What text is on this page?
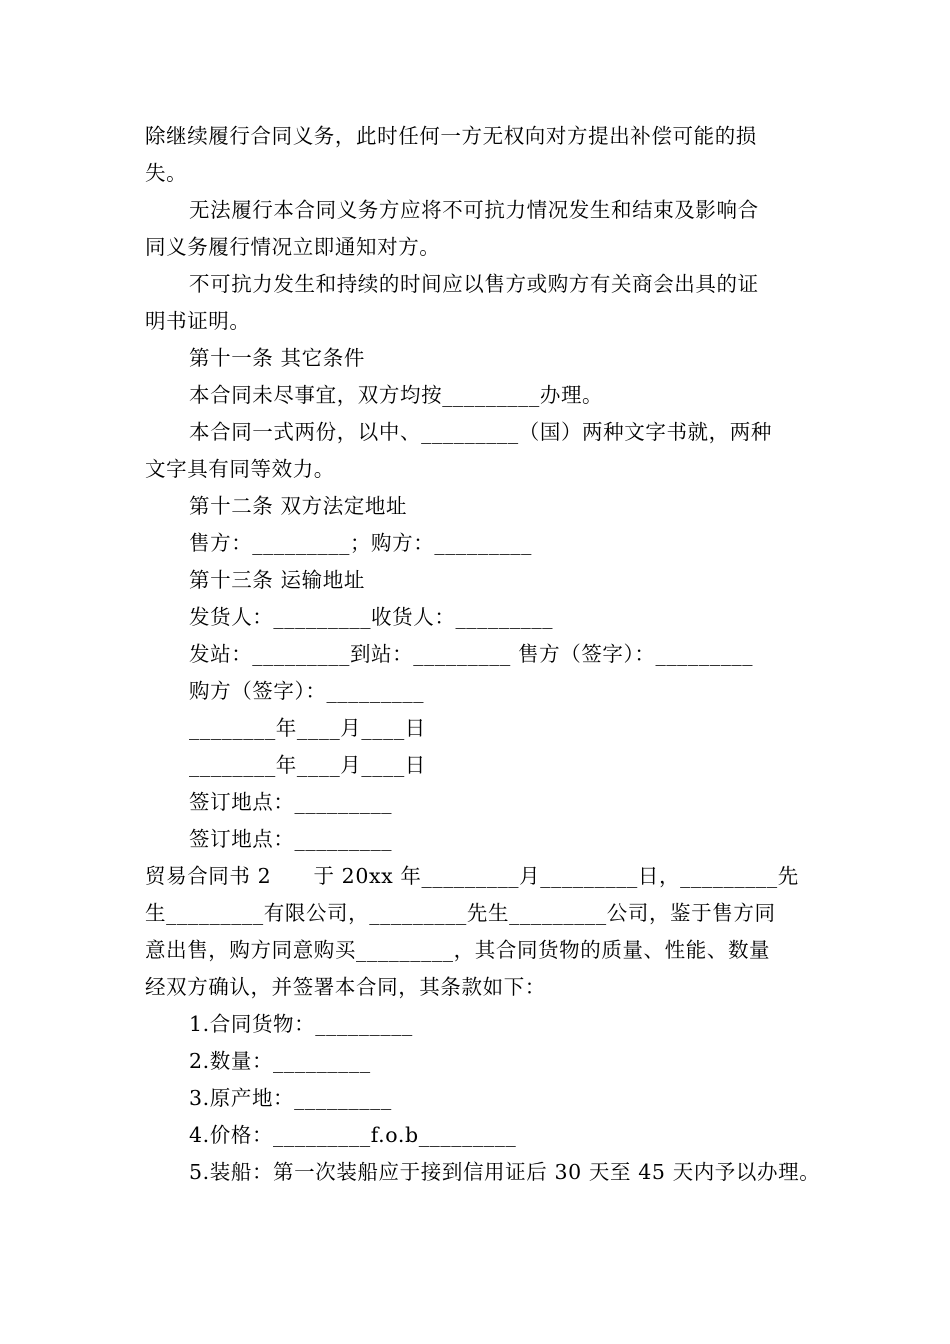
除继续履行合同义务，此时任何一方无权向对方提出补偿可能的损
失。
无法履行本合同义务方应将不可抗力情况发生和结束及影响合
同义务履行情况立即通知对方。
不可抗力发生和持续的时间应以售方或购方有关商会出具的证
明书证明。
第十一条 其它条件
本合同未尽事宜，双方均按_________办理。
本合同一式两份，以中、_________（国）两种文字书就，两种
文字具有同等效力。
第十二条 双方法定地址
售方：_________；购方：_________
第十三条 运输地址
发货人：_________收货人：_________
发站：_________到站：_________ 售方（签字）：_________
购方（签字）：_________
________年____月____日
________年____月____日
签订地点：_________
签订地点：_________
贸易合同书 2　　于 20xx 年_________月_________日，_________先
生_________有限公司，_________先生_________公司，鉴于售方同
意出售，购方同意购买_________，其合同货物的质量、性能、数量
经双方确认，并签署本合同，其条款如下：
1.合同货物：_________
2.数量：_________
3.原产地：_________
4.价格：_________f.o.b_________
5.装船：第一次装船应于接到信用证后 30 天至 45 天内予以办理。
